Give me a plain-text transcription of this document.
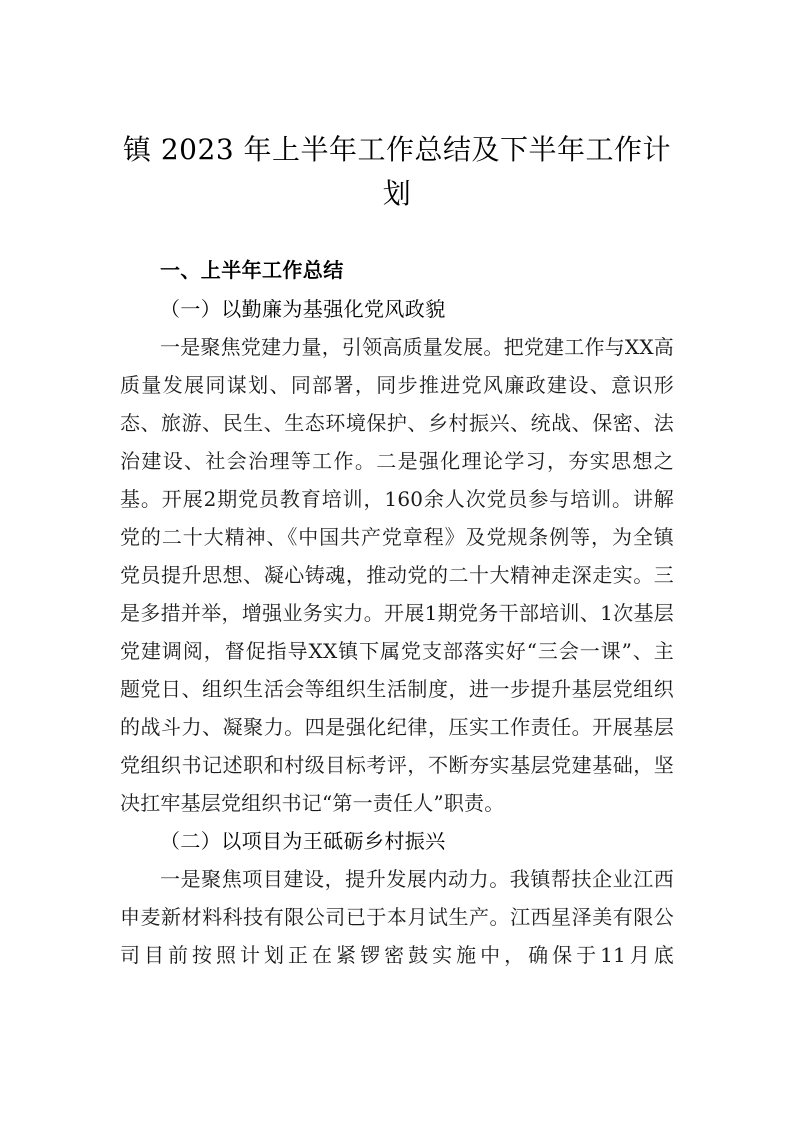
镇 2023 年上半年工作总结及下半年工作计
划
一、上半年工作总结
（一）以勤廉为基强化党风政貌

一是聚焦党建力量，引领高质量发展。把党建工作与XX高质量发展同谋划、同部署，同步推进党风廉政建设、意识形态、旅游、民生、生态环境保护、乡村振兴、统战、保密、法治建设、社会治理等工作。二是强化理论学习，夯实思想之基。开展2期党员教育培训，160余人次党员参与培训。讲解党的二十大精神、《中国共产党章程》及党规条例等，为全镇党员提升思想、凝心铸魂，推动党的二十大精神走深走实。三是多措并举，增强业务实力。开展1期党务干部培训、1次基层党建调阅，督促指导XX镇下属党支部落实好“三会一课”、主题党日、组织生活会等组织生活制度，进一步提升基层党组织的战斗力、凝聚力。四是强化纪律，压实工作责任。开展基层党组织书记述职和村级目标考评，不断夯实基层党建基础，坚决扛牢基层党组织书记“第一责任人”职责。

（二）以项目为王砥砺乡村振兴

一是聚焦项目建设，提升发展内动力。我镇帮扶企业江西申麦新材料科技有限公司已于本月试生产。江西星泽美有限公司目前按照计划正在紧锣密鼓实施中，确保于11月底
